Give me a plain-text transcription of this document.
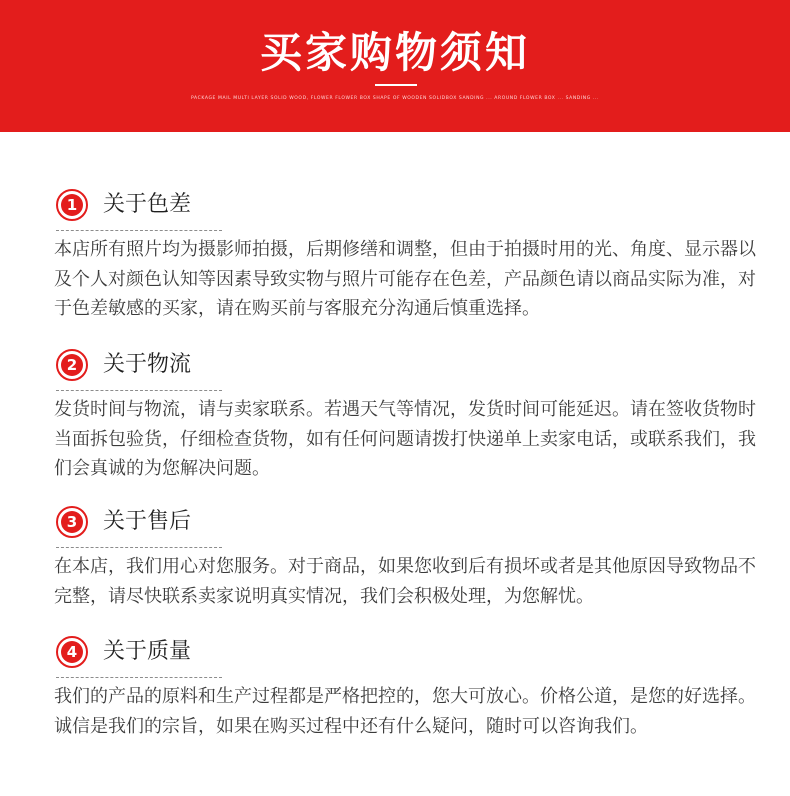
买家购物须知
PACKAGE MAIL MULTI LAYER SOLID WOOD, FLOWER FLOWER BOX SHAPE OF WOODEN SOLIDBOX SANDING ... AROUND FLOWER BOX ... SANDING ...
1 关于色差
本店所有照片均为摄影师拍摄，后期修缮和调整，但由于拍摄时用的光、角度、显示器以及个人对颜色认知等因素导致实物与照片可能存在色差，产品颜色请以商品实际为准，对于色差敏感的买家，请在购买前与客服充分沟通后慎重选择。
2 关于物流
发货时间与物流，请与卖家联系。若遇天气等情况，发货时间可能延迟。请在签收货物时当面拆包验货，仔细检查货物，如有任何问题请拨打快递单上卖家电话，或联系我们，我们会真诚的为您解决问题。
3 关于售后
在本店，我们用心对您服务。对于商品，如果您收到后有损坏或者是其他原因导致物品不完整，请尽快联系卖家说明真实情况，我们会积极处理，为您解忧。
4 关于质量
我们的产品的原料和生产过程都是严格把控的，您大可放心。价格公道，是您的好选择。诚信是我们的宗旨，如果在购买过程中还有什么疑问，随时可以咨询我们。
